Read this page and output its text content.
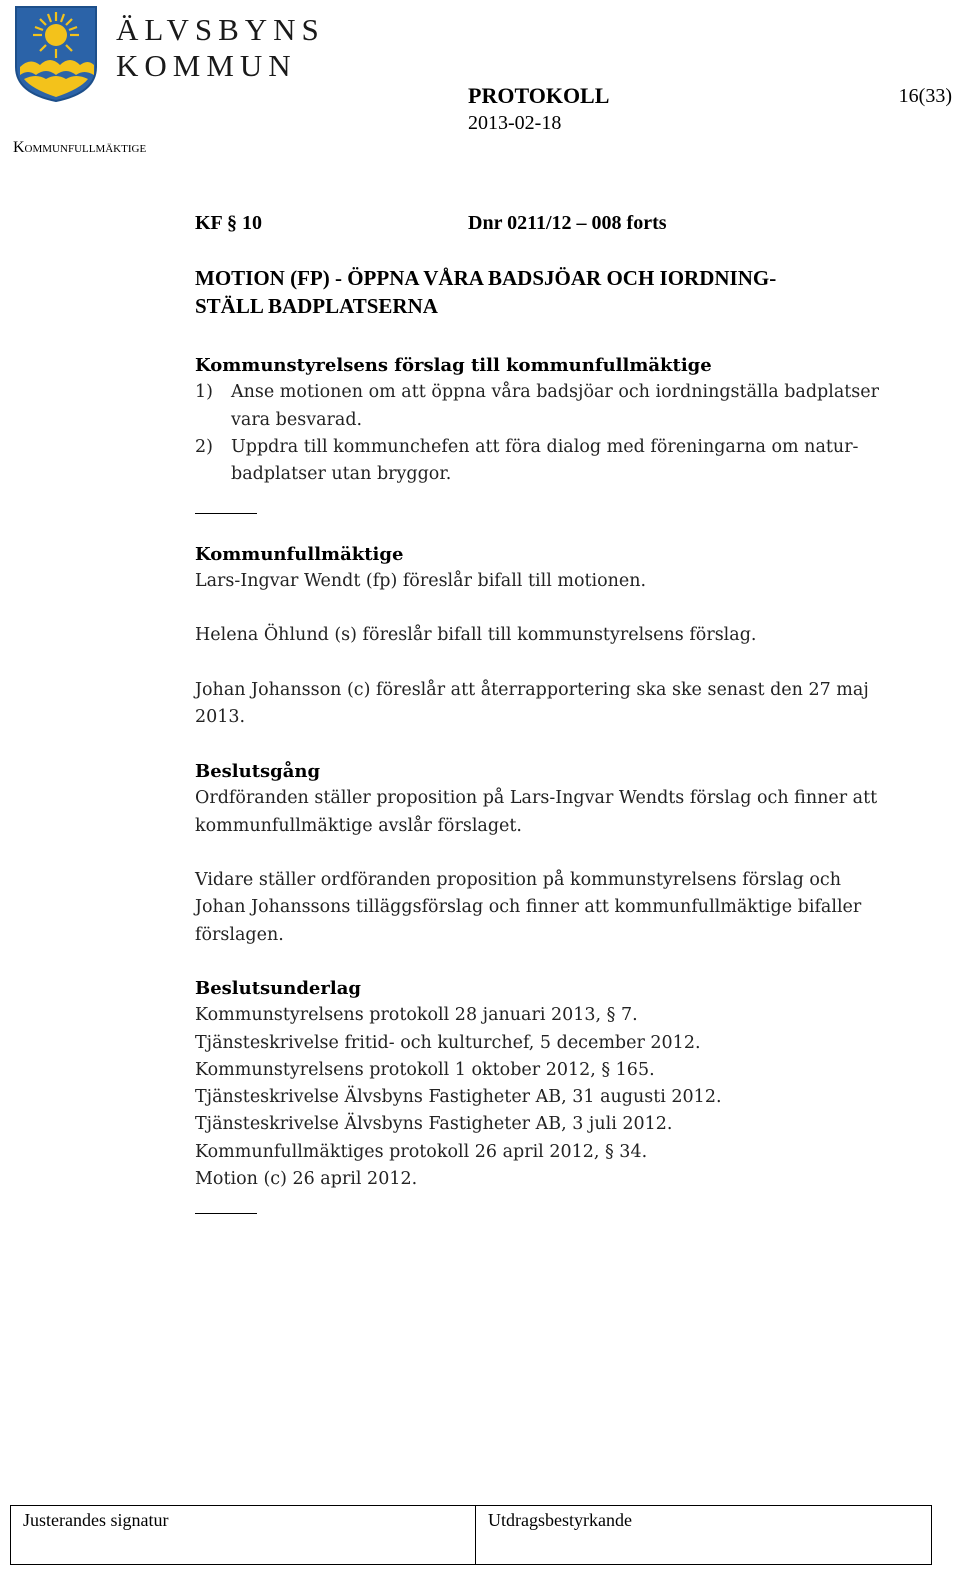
ÄLVSBYNS
KOMMUN
Kommunfullmäktige
PROTOKOLL
2013-02-18
16(33)
KF § 10	Dnr 0211/12 – 008 forts
MOTION (FP) - ÖPPNA VÅRA BADSJÖAR OCH IORDNING-
STÄLL BADPLATSERNA
Kommunstyrelsens förslag till kommunfullmäktige
1)	Anse motionen om att öppna våra badsjöar och iordningställa badplatser
vara besvarad.
2)	Uppdra till kommunchefen att föra dialog med föreningarna om natur-
badplatser utan bryggor.
Kommunfullmäktige

Lars-Ingvar Wendt (fp) föreslår bifall till motionen.

Helena Öhlund (s) föreslår bifall till kommunstyrelsens förslag.

Johan Johansson (c) föreslår att återrapportering ska ske senast den 27 maj
2013.
Beslutsgång
Ordföranden ställer proposition på Lars-Ingvar Wendts förslag och finner att
kommunfullmäktige avslår förslaget.
Vidare ställer ordföranden proposition på kommunstyrelsens förslag och
Johan Johanssons tilläggsförslag och finner att kommunfullmäktige bifaller
förslagen.
Beslutsunderlag
Kommunstyrelsens protokoll 28 januari 2013, § 7.
Tjänsteskrivelse fritid- och kulturchef, 5 december 2012.
Kommunstyrelsens protokoll 1 oktober 2012, § 165.
Tjänsteskrivelse Älvsbyns Fastigheter AB, 31 augusti 2012.
Tjänsteskrivelse Älvsbyns Fastigheter AB, 3 juli 2012.
Kommunfullmäktiges protokoll 26 april 2012, § 34.
Motion (c) 26 april 2012.
Justerandes signatur	Utdragsbestyrkande
